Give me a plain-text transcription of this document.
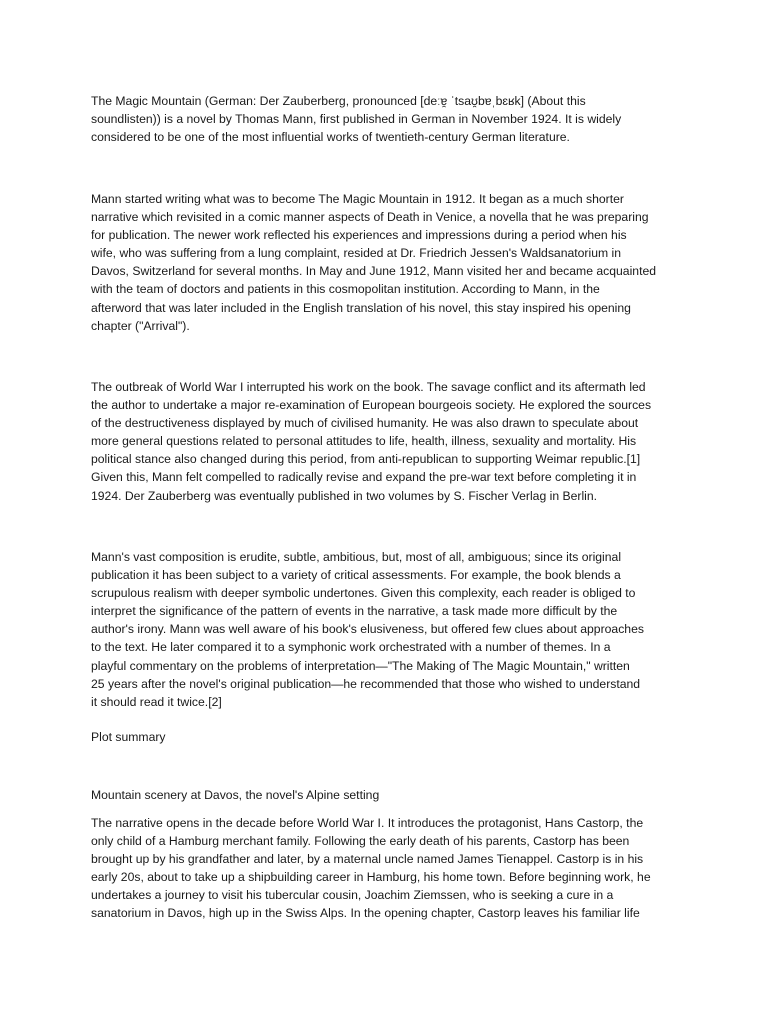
The Magic Mountain (German: Der Zauberberg, pronounced [deːɐ̯ ˈtsaʊ̯bɐˌbɛʁk] (About this
soundlisten)) is a novel by Thomas Mann, first published in German in November 1924. It is widely
considered to be one of the most influential works of twentieth-century German literature.

Mann started writing what was to become The Magic Mountain in 1912. It began as a much shorter
narrative which revisited in a comic manner aspects of Death in Venice, a novella that he was preparing
for publication. The newer work reflected his experiences and impressions during a period when his
wife, who was suffering from a lung complaint, resided at Dr. Friedrich Jessen's Waldsanatorium in
Davos, Switzerland for several months. In May and June 1912, Mann visited her and became acquainted
with the team of doctors and patients in this cosmopolitan institution. According to Mann, in the
afterword that was later included in the English translation of his novel, this stay inspired his opening
chapter ("Arrival").

The outbreak of World War I interrupted his work on the book. The savage conflict and its aftermath led
the author to undertake a major re-examination of European bourgeois society. He explored the sources
of the destructiveness displayed by much of civilised humanity. He was also drawn to speculate about
more general questions related to personal attitudes to life, health, illness, sexuality and mortality. His
political stance also changed during this period, from anti-republican to supporting Weimar republic.[1]
Given this, Mann felt compelled to radically revise and expand the pre-war text before completing it in
1924. Der Zauberberg was eventually published in two volumes by S. Fischer Verlag in Berlin.

Mann's vast composition is erudite, subtle, ambitious, but, most of all, ambiguous; since its original
publication it has been subject to a variety of critical assessments. For example, the book blends a
scrupulous realism with deeper symbolic undertones. Given this complexity, each reader is obliged to
interpret the significance of the pattern of events in the narrative, a task made more difficult by the
author's irony. Mann was well aware of his book's elusiveness, but offered few clues about approaches
to the text. He later compared it to a symphonic work orchestrated with a number of themes. In a
playful commentary on the problems of interpretation—"The Making of The Magic Mountain," written
25 years after the novel's original publication—he recommended that those who wished to understand
it should read it twice.[2]

Plot summary

Mountain scenery at Davos, the novel's Alpine setting

The narrative opens in the decade before World War I. It introduces the protagonist, Hans Castorp, the
only child of a Hamburg merchant family. Following the early death of his parents, Castorp has been
brought up by his grandfather and later, by a maternal uncle named James Tienappel. Castorp is in his
early 20s, about to take up a shipbuilding career in Hamburg, his home town. Before beginning work, he
undertakes a journey to visit his tubercular cousin, Joachim Ziemssen, who is seeking a cure in a
sanatorium in Davos, high up in the Swiss Alps. In the opening chapter, Castorp leaves his familiar life
